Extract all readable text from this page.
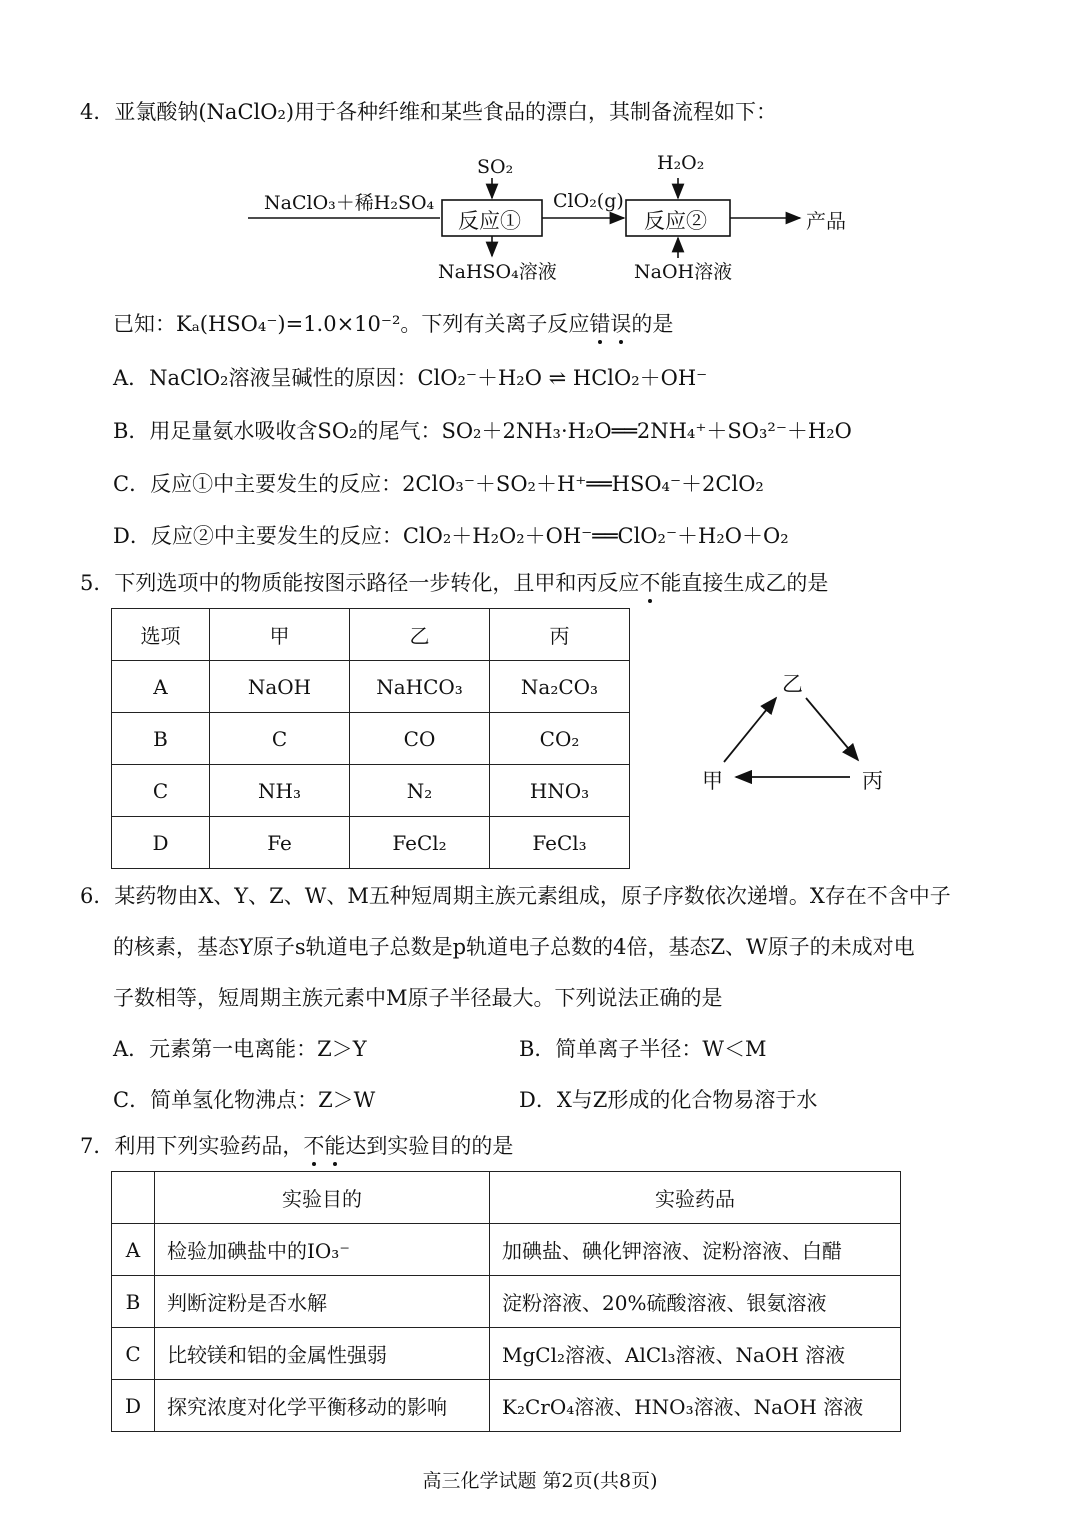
4．亚氯酸钠(NaClO₂)用于各种纤维和某些食品的漂白，其制备流程如下：
NaClO₃＋稀H₂SO₄
SO₂
反应①
NaHSO₄溶液
ClO₂(g)
H₂O₂
反应②
NaOH溶液
产品
已知：Kₐ(HSO₄⁻)=1.0×10⁻²。下列有关离子反应错误的是
A．NaClO₂溶液呈碱性的原因：ClO₂⁻＋H₂O ⇌ HClO₂＋OH⁻
B．用足量氨水吸收含SO₂的尾气：SO₂＋2NH₃·H₂O══2NH₄⁺＋SO₃²⁻＋H₂O
C．反应①中主要发生的反应：2ClO₃⁻＋SO₂＋H⁺══HSO₄⁻＋2ClO₂
D．反应②中主要发生的反应：ClO₂＋H₂O₂＋OH⁻══ClO₂⁻＋H₂O＋O₂
5．下列选项中的物质能按图示路径一步转化，且甲和丙反应不能直接生成乙的是
选项	甲	乙	丙
A	NaOH	NaHCO₃	Na₂CO₃
B	C	CO	CO₂
C	NH₃	N₂	HNO₃
D	Fe	FeCl₂	FeCl₃
乙
甲	丙
6．某药物由X、Y、Z、W、M五种短周期主族元素组成，原子序数依次递增。X存在不含中子
的核素，基态Y原子s轨道电子总数是p轨道电子总数的4倍，基态Z、W原子的未成对电
子数相等，短周期主族元素中M原子半径最大。下列说法正确的是
A．元素第一电离能：Z＞Y	B．简单离子半径：W＜M
C．简单氢化物沸点：Z＞W	D．X与Z形成的化合物易溶于水
7．利用下列实验药品，不能达到实验目的的是
	实验目的	实验药品
A	检验加碘盐中的IO₃⁻	加碘盐、碘化钾溶液、淀粉溶液、白醋
B	判断淀粉是否水解	淀粉溶液、20%硫酸溶液、银氨溶液
C	比较镁和铝的金属性强弱	MgCl₂溶液、AlCl₃溶液、NaOH 溶液
D	探究浓度对化学平衡移动的影响	K₂CrO₄溶液、HNO₃溶液、NaOH 溶液
高三化学试题 第2页(共8页)
